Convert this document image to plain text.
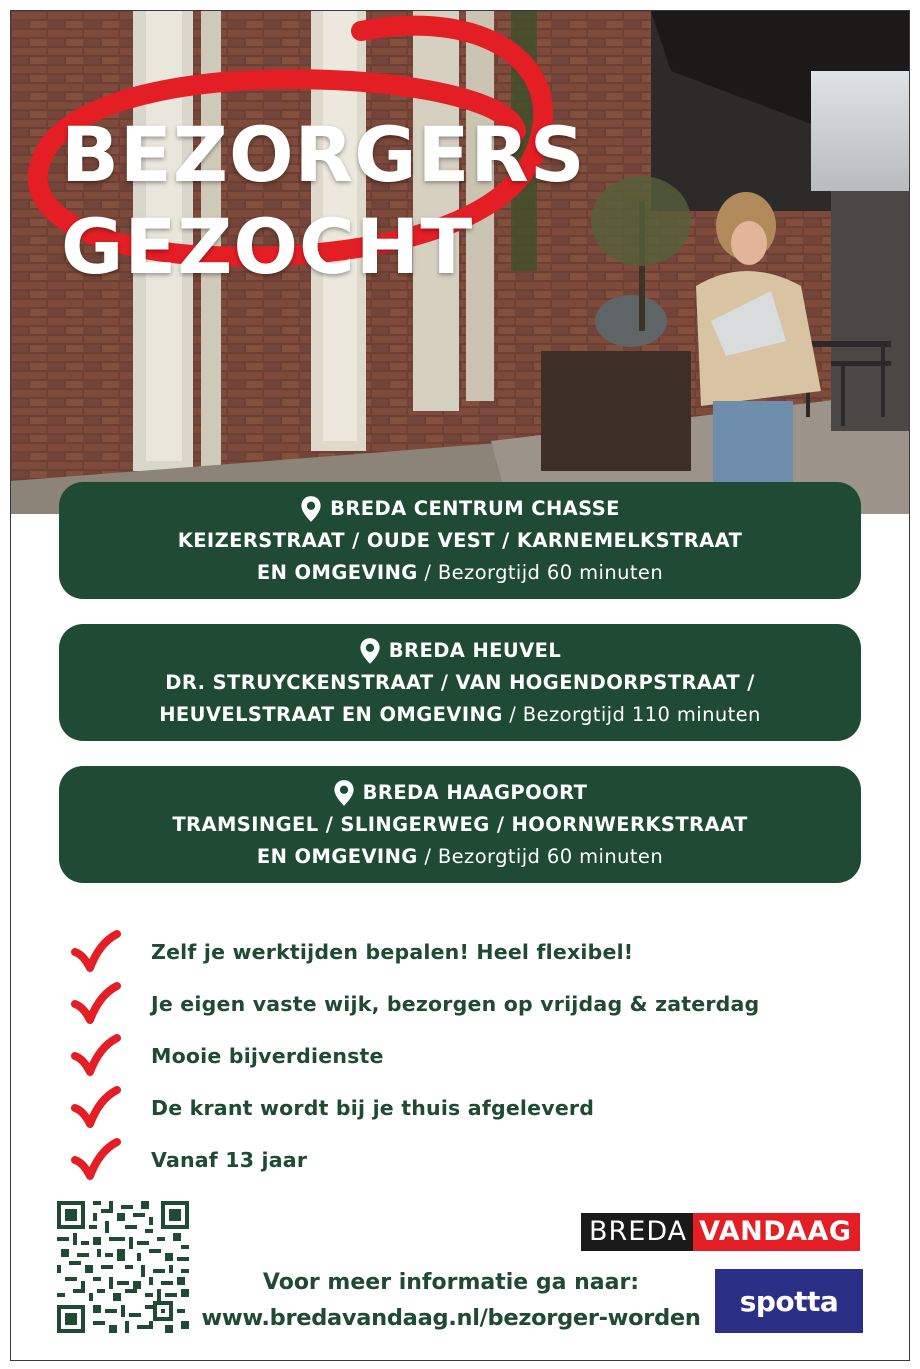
BEZORGERS
GEZOCHT
BREDA CENTRUM CHASSE
KEIZERSTRAAT / OUDE VEST / KARNEMELKSTRAAT
EN OMGEVING / Bezorgtijd 60 minuten
BREDA HEUVEL
DR. STRUYCKENSTRAAT / VAN HOGENDORPSTRAAT /
HEUVELSTRAAT EN OMGEVING / Bezorgtijd 110 minuten
BREDA HAAGPOORT
TRAMSINGEL / SLINGERWEG / HOORNWERKSTRAAT
EN OMGEVING / Bezorgtijd 60 minuten
Zelf je werktijden bepalen! Heel flexibel!
Je eigen vaste wijk, bezorgen op vrijdag & zaterdag
Mooie bijverdienste
De krant wordt bij je thuis afgeleverd
Vanaf 13 jaar
Voor meer informatie ga naar:
www.bredavandaag.nl/bezorger-worden
BREDA VANDAAG
spotta
